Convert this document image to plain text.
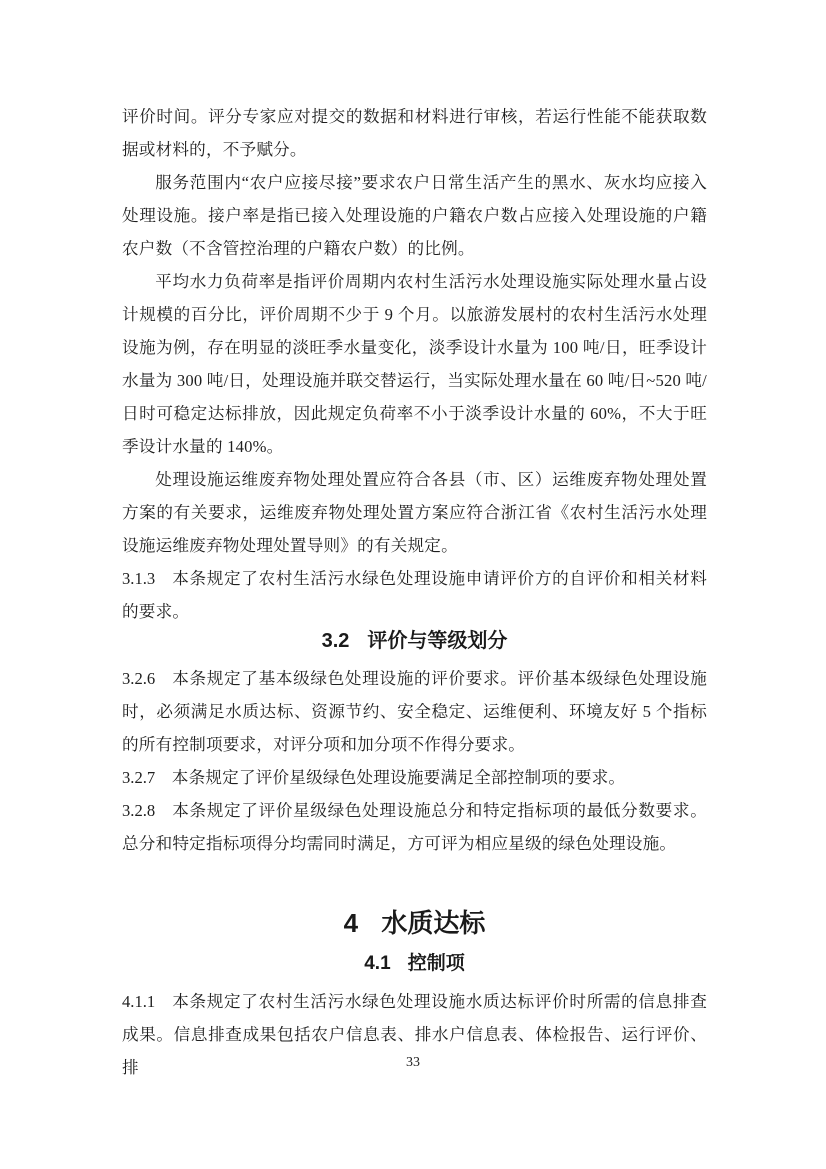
评价时间。评分专家应对提交的数据和材料进行审核，若运行性能不能获取数据或材料的，不予赋分。

服务范围内“农户应接尽接”要求农户日常生活产生的黑水、灰水均应接入处理设施。接户率是指已接入处理设施的户籍农户数占应接入处理设施的户籍农户数（不含管控治理的户籍农户数）的比例。

平均水力负荷率是指评价周期内农村生活污水处理设施实际处理水量占设计规模的百分比，评价周期不少于 9 个月。以旅游发展村的农村生活污水处理设施为例，存在明显的淡旺季水量变化，淡季设计水量为 100 吨/日，旺季设计水量为 300 吨/日，处理设施并联交替运行，当实际处理水量在 60 吨/日~520 吨/日时可稳定达标排放，因此规定负荷率不小于淡季设计水量的 60%，不大于旺季设计水量的 140%。

处理设施运维废弃物处理处置应符合各县（市、区）运维废弃物处理处置方案的有关要求，运维废弃物处理处置方案应符合浙江省《农村生活污水处理设施运维废弃物处理处置导则》的有关规定。

3.1.3 本条规定了农村生活污水绿色处理设施申请评价方的自评价和相关材料的要求。

3.2 评价与等级划分

3.2.6 本条规定了基本级绿色处理设施的评价要求。评价基本级绿色处理设施时，必须满足水质达标、资源节约、安全稳定、运维便利、环境友好 5 个指标的所有控制项要求，对评分项和加分项不作得分要求。

3.2.7 本条规定了评价星级绿色处理设施要满足全部控制项的要求。

3.2.8 本条规定了评价星级绿色处理设施总分和特定指标项的最低分数要求。总分和特定指标项得分均需同时满足，方可评为相应星级的绿色处理设施。

4 水质达标
4.1 控制项

4.1.1 本条规定了农村生活污水绿色处理设施水质达标评价时所需的信息排查成果。信息排查成果包括农户信息表、排水户信息表、体检报告、运行评价、排	33
